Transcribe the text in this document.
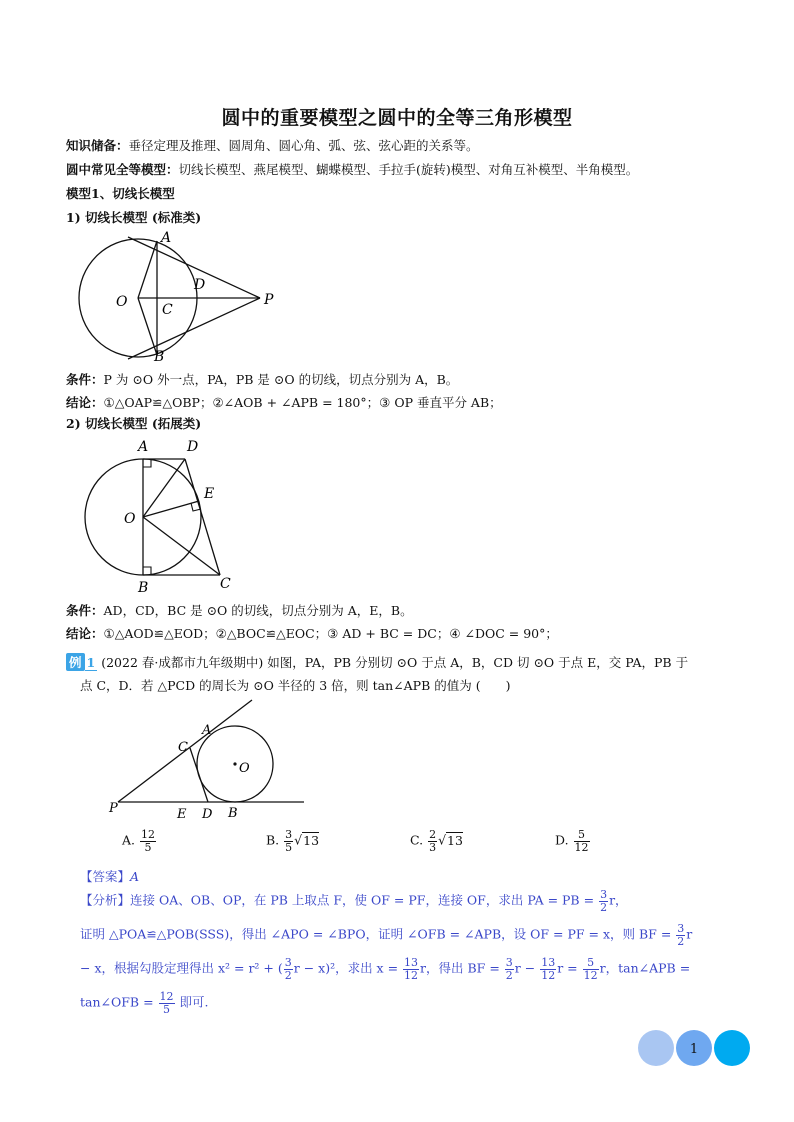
圆中的重要模型之圆中的全等三角形模型
知识储备：垂径定理及推理、圆周角、圆心角、弧、弦、弦心距的关系等。
圆中常见全等模型：切线长模型、燕尾模型、蝴蝶模型、手拉手(旋转)模型、对角互补模型、半角模型。
模型1、切线长模型
1) 切线长模型 (标准类)
A
O C
D
P
B
条件：P 为 ⊙O 外一点，PA，PB 是 ⊙O 的切线，切点分别为 A，B。
结论：①△OAP≌△OBP；②∠AOB + ∠APB = 180°；③ OP 垂直平分 AB；
2) 切线长模型 (拓展类)
A	D
E
O
B	C
条件：AD，CD，BC 是 ⊙O 的切线，切点分别为 A，E，B。
结论：①△AOD≌△EOD；②△BOC≌△EOC；③ AD + BC = DC；④ ∠DOC = 90°；
例 1 (2022 春·成都市九年级期中) 如图，PA，PB 分别切 ⊙O 于点 A，B，CD 切 ⊙O 于点 E，交 PA，PB 于
点 C，D．若 △PCD 的周长为 ⊙O 半径的 3 倍，则 tan∠APB 的值为 (　　)
A
C
O
P	E D B
A. $\frac{12}{5}$	B. $\frac{3}{5} √13$	C. $\frac{2}{3} √13$	D. $\frac{5}{12}$
【答案】A
【分析】连接 OA、OB、OP，在 PB 上取点 F，使 OF = PF，连接 OF，求出 PA = PB = $\frac{3}{2}$ r，
证明 △POA≌△POB(SSS)，得出 ∠APO = ∠BPO，证明 ∠OFB = ∠APB，设 OF = PF = x，则 BF = $\frac{3}{2}$ r
− x，根据勾股定理得出 x² = r² + ( $\frac{3}{2}$ r − x)²，求出 $x = \frac{13}{12}$ r，得出 BF = $\frac{3}{2}$ $r - \frac{13}{12}$ $r = \frac{5}{12}$ r，tan∠APB =
tan∠OFB = $\frac{12}{5}$ 即可.
1
